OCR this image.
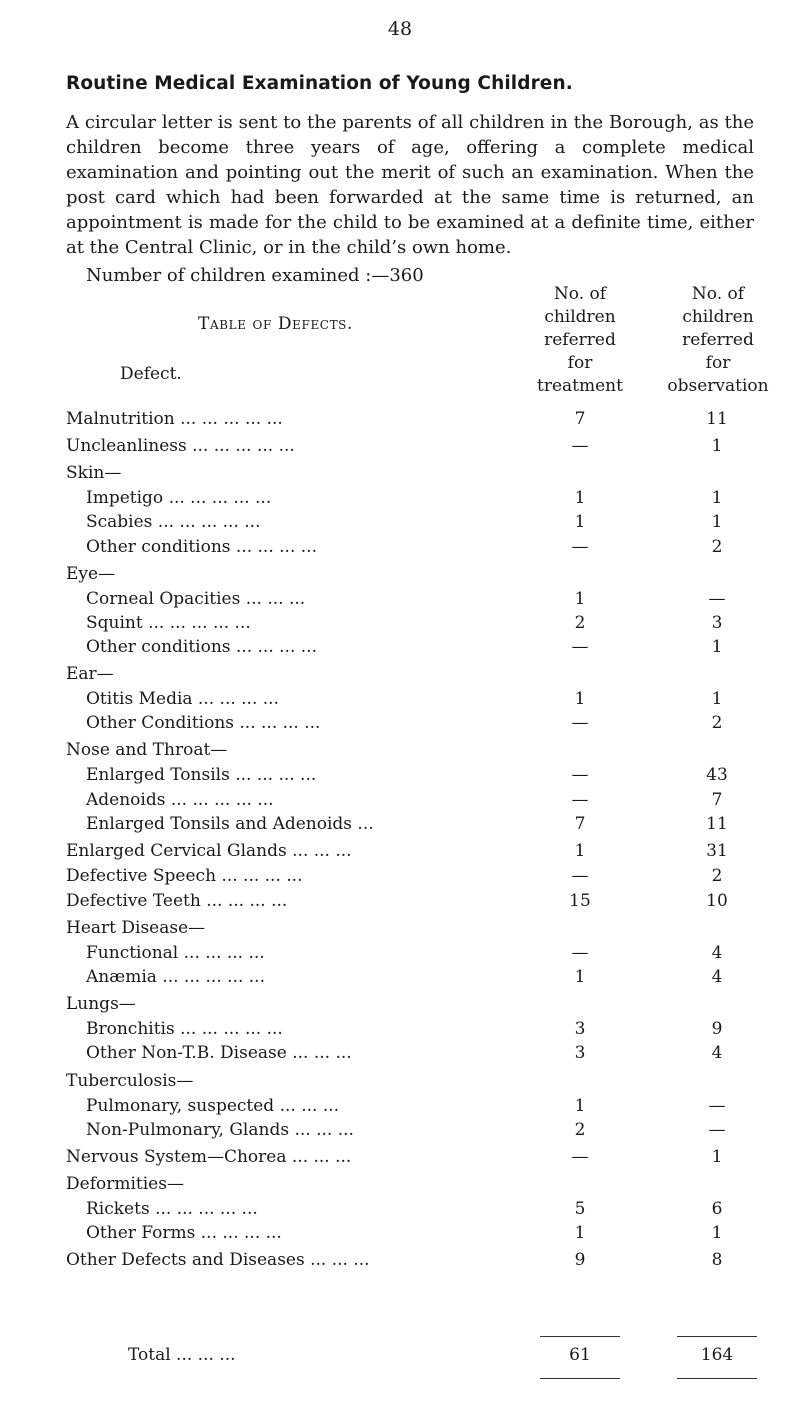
48
Routine Medical Examination of Young Children.

A circular letter is sent to the parents of all children in the Borough, as the children become three years of age, offering a complete medical examination and pointing out the merit of such an examination. When the post card which had been forwarded at the same time is returned, an appointment is made for the child to be examined at a definite time, either at the Central Clinic, or in the child’s own home.

Number of children examined :—360
Table of Defects.
Defect.
No. of
children
referred
for
treatment
No. of
children
referred
for
observation
Malnutrition ... ... ... ... ...	7	11
Uncleanliness ... ... ... ... ...	—	1
Skin—
Impetigo ... ... ... ... ...	1	1
Scabies ... ... ... ... ...	1	1
Other conditions ... ... ... ...	—	2
Eye—
Corneal Opacities ... ... ...	1	—
Squint ... ... ... ... ...	2	3
Other conditions ... ... ... ...	—	1
Ear—
Otitis Media ... ... ... ...	1	1
Other Conditions ... ... ... ...	—	2
Nose and Throat—
Enlarged Tonsils ... ... ... ...	—	43
Adenoids ... ... ... ... ...	—	7
Enlarged Tonsils and Adenoids ...	7	11
Enlarged Cervical Glands ... ... ...	1	31
Defective Speech ... ... ... ...	—	2
Defective Teeth ... ... ... ...	15	10
Heart Disease—
Functional ... ... ... ...	—	4
Anæmia ... ... ... ... ...	1	4
Lungs—
Bronchitis ... ... ... ... ...	3	9
Other Non-T.B. Disease ... ... ...	3	4
Tuberculosis—
Pulmonary, suspected ... ... ...	1	—
Non-Pulmonary, Glands ... ... ...	2	—
Nervous System—Chorea ... ... ...	—	1
Deformities—
Rickets ... ... ... ... ...	5	6
Other Forms ... ... ... ...	1	1
Other Defects and Diseases ... ... ...	9	8
Total ... ... ...	61	164
